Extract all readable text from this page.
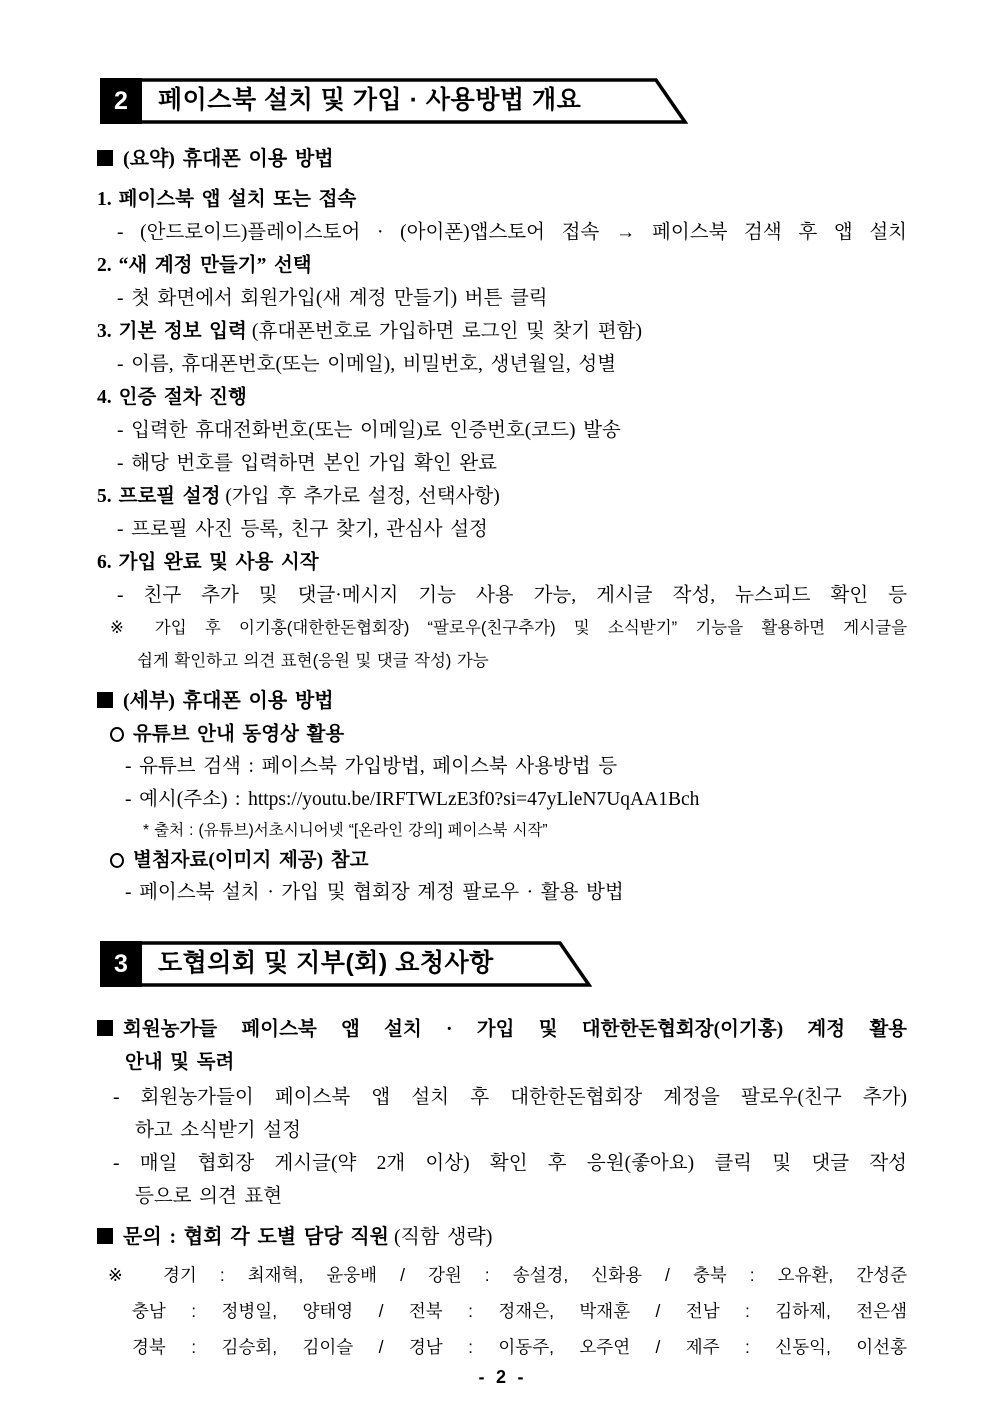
2	페이스북 설치 및 가입 · 사용방법 개요
(요약) 휴대폰 이용 방법
1. 페이스북 앱 설치 또는 접속
- (안드로이드)플레이스토어 · (아이폰)앱스토어 접속 → 페이스북 검색 후 앱 설치
2. “새 계정 만들기” 선택
- 첫 화면에서 회원가입(새 계정 만들기) 버튼 클릭
3. 기본 정보 입력 (휴대폰번호로 가입하면 로그인 및 찾기 편함)
- 이름, 휴대폰번호(또는 이메일), 비밀번호, 생년월일, 성별
4. 인증 절차 진행
- 입력한 휴대전화번호(또는 이메일)로 인증번호(코드) 발송
- 해당 번호를 입력하면 본인 가입 확인 완료
5. 프로필 설정 (가입 후 추가로 설정, 선택사항)
- 프로필 사진 등록, 친구 찾기, 관심사 설정
6. 가입 완료 및 사용 시작
- 친구 추가 및 댓글·메시지 기능 사용 가능, 게시글 작성, 뉴스피드 확인 등
※ 가입 후 이기홍(대한한돈협회장) “팔로우(친구추가) 및 소식받기” 기능을 활용하면 게시글을
쉽게 확인하고 의견 표현(응원 및 댓글 작성) 가능
(세부) 휴대폰 이용 방법
유튜브 안내 동영상 활용
- 유튜브 검색 : 페이스북 가입방법, 페이스북 사용방법 등
- 예시(주소) : https://youtu.be/IRFTWLzE3f0?si=47yLleN7UqAA1Bch
* 출처 : (유튜브)서초시니어넷 “[온라인 강의] 페이스북 시작”
별첨자료(이미지 제공) 참고
- 페이스북 설치 · 가입 및 협회장 계정 팔로우 · 활용 방법
3	도협의회 및 지부(회) 요청사항
회원농가들 페이스북 앱 설치 · 가입 및 대한한돈협회장(이기홍) 계정 활용
안내 및 독려
- 회원농가들이 페이스북 앱 설치 후 대한한돈협회장 계정을 팔로우(친구 추가)
하고 소식받기 설정
- 매일 협회장 게시글(약 2개 이상) 확인 후 응원(좋아요) 클릭 및 댓글 작성
등으로 의견 표현
문의 : 협회 각 도별 담당 직원 (직함 생략)
※ 경기 : 최재혁, 윤웅배 / 강원 : 송설경, 신화용 / 충북 : 오유환, 간성준
충남 : 정병일, 양태영 / 전북 : 정재은, 박재훈 / 전남 : 김하제, 전은샘
경북 : 김승회, 김이슬 / 경남 : 이동주, 오주연 / 제주 : 신동익, 이선홍
- 2 -
